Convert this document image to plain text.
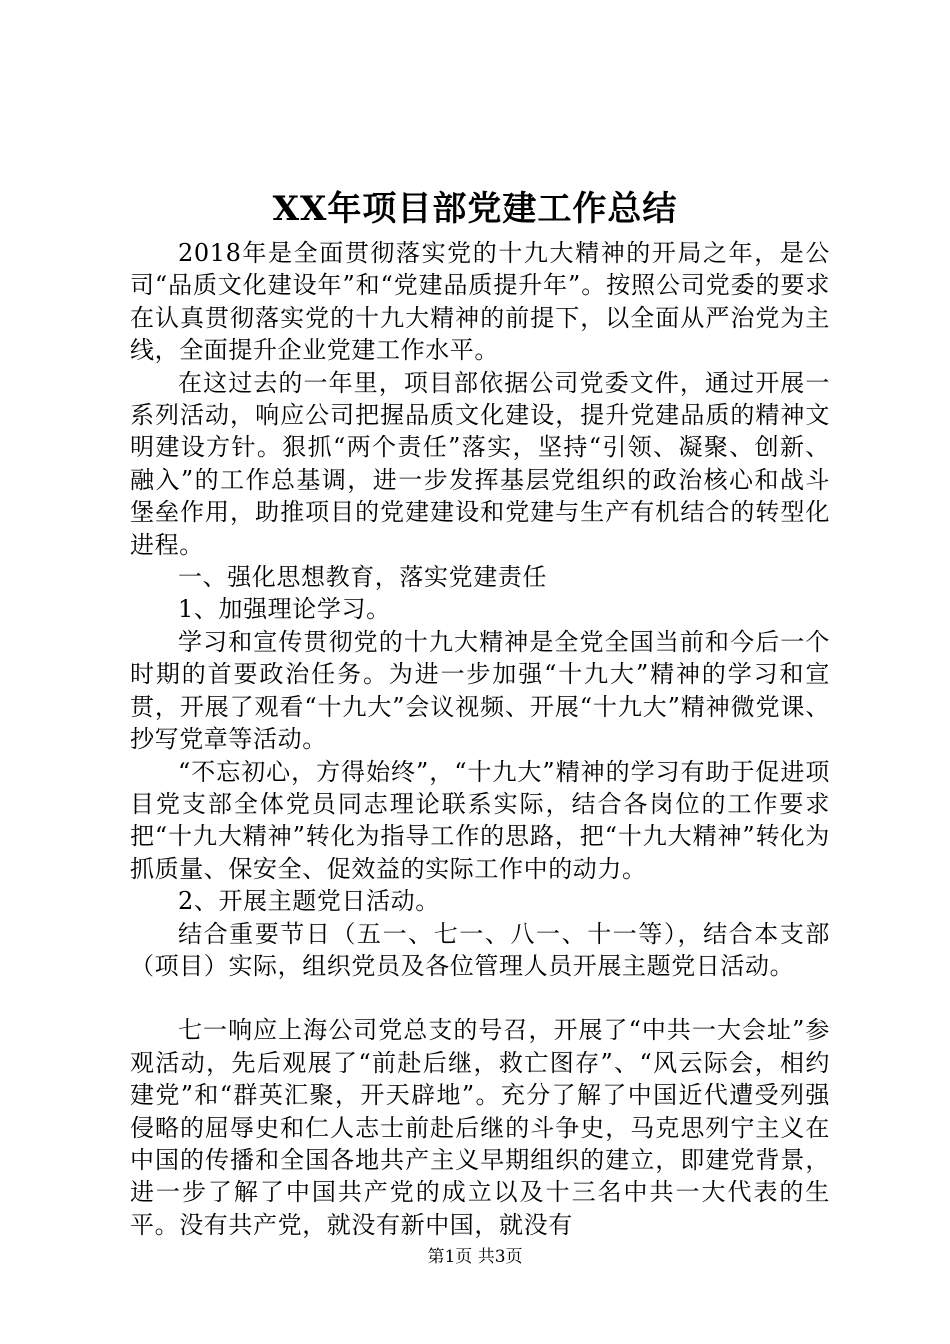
XX年项目部党建工作总结

2018年是全面贯彻落实党的十九大精神的开局之年，是公司“品质文化建设年”和“党建品质提升年”。按照公司党委的要求在认真贯彻落实党的十九大精神的前提下，以全面从严治党为主线，全面提升企业党建工作水平。

在这过去的一年里，项目部依据公司党委文件，通过开展一系列活动，响应公司把握品质文化建设，提升党建品质的精神文明建设方针。狠抓“两个责任”落实，坚持“引领、凝聚、创新、融入”的工作总基调，进一步发挥基层党组织的政治核心和战斗堡垒作用，助推项目的党建建设和党建与生产有机结合的转型化进程。

一、强化思想教育，落实党建责任

1、加强理论学习。

学习和宣传贯彻党的十九大精神是全党全国当前和今后一个时期的首要政治任务。为进一步加强“十九大”精神的学习和宣贯，开展了观看“十九大”会议视频、开展“十九大”精神微党课、抄写党章等活动。

“不忘初心，方得始终”，“十九大”精神的学习有助于促进项目党支部全体党员同志理论联系实际，结合各岗位的工作要求把“十九大精神”转化为指导工作的思路，把“十九大精神”转化为抓质量、保安全、促效益的实际工作中的动力。

2、开展主题党日活动。

结合重要节日（五一、七一、八一、十一等），结合本支部（项目）实际，组织党员及各位管理人员开展主题党日活动。

七一响应上海公司党总支的号召，开展了“中共一大会址”参观活动，先后观展了“前赴后继，救亡图存”、“风云际会，相约建党”和“群英汇聚，开天辟地”。充分了解了中国近代遭受列强侵略的屈辱史和仁人志士前赴后继的斗争史，马克思列宁主义在中国的传播和全国各地共产主义早期组织的建立，即建党背景，进一步了解了中国共产党的成立以及十三名中共一大代表的生平。没有共产党，就没有新中国，就没有

第1页 共3页
